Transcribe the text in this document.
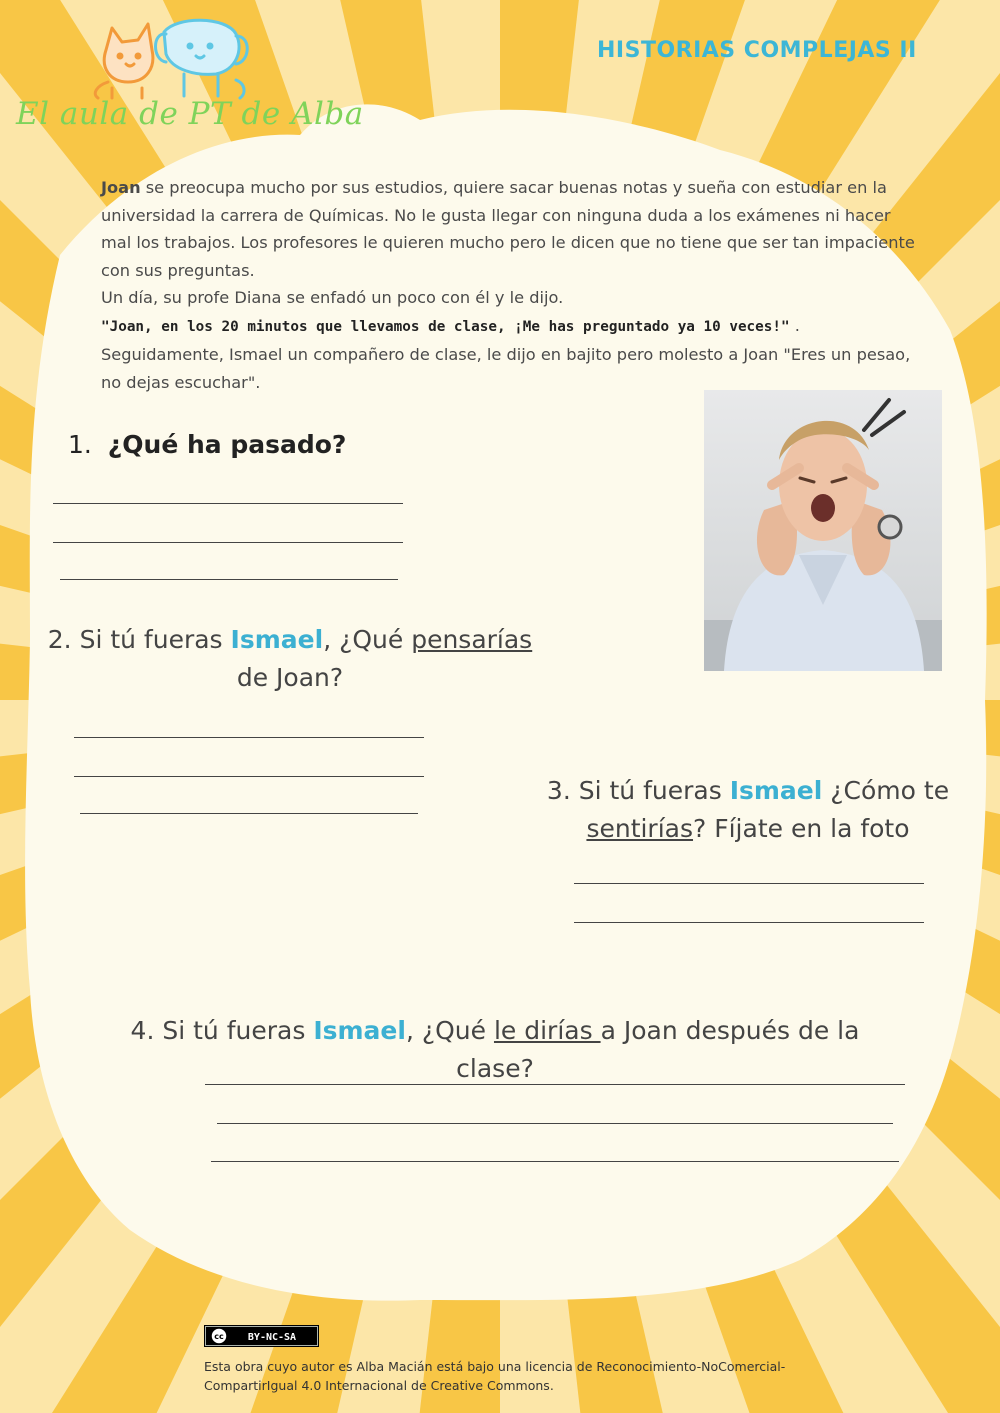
El aula de PT de Alba
HISTORIAS COMPLEJAS II

Joan se preocupa mucho por sus estudios, quiere sacar buenas notas y sueña con estudiar en la universidad la carrera de Químicas. No le gusta llegar con ninguna duda a los exámenes ni hacer mal los trabajos. Los profesores le quieren mucho pero le dicen que no tiene que ser tan impaciente con sus preguntas.

Un día, su profe Diana se enfadó un poco con él y le dijo.

"Joan, en los 20 minutos que llevamos de clase, ¡Me has preguntado ya 10 veces!" .

Seguidamente, Ismael un compañero de clase, le dijo en bajito pero molesto a Joan "Eres un pesao, no dejas escuchar".

1. ¿Qué ha pasado?
2. Si tú fueras Ismael, ¿Qué pensarías
de Joan?
3. Si tú fueras Ismael ¿Cómo te
sentirías? Fíjate en la foto
4. Si tú fueras Ismael, ¿Qué le dirías a Joan después de la
clase?
cc BY-NC-SA
Esta obra cuyo autor es Alba Macián está bajo una licencia de Reconocimiento-NoComercial-CompartirIgual 4.0 Internacional de Creative Commons.
